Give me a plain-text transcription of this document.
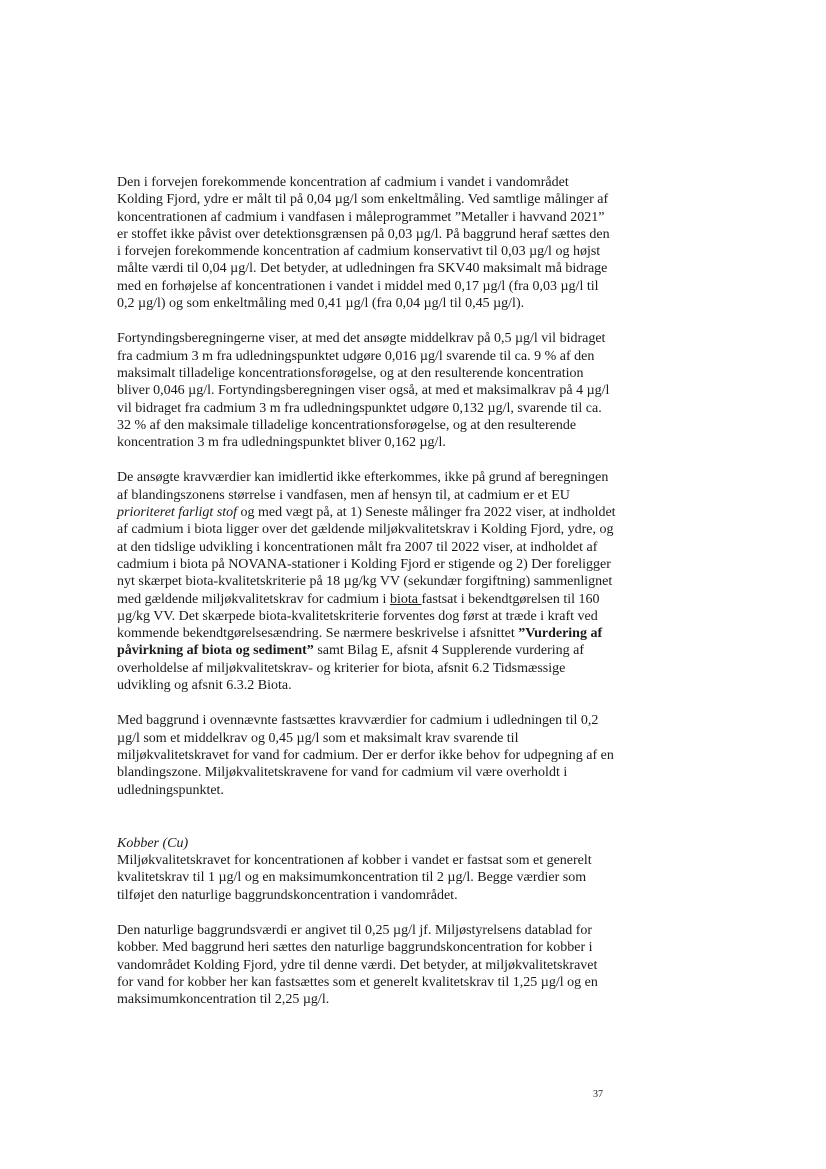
Den i forvejen forekommende koncentration af cadmium i vandet i vandområdet Kolding Fjord, ydre er målt til på 0,04 µg/l som enkeltmåling. Ved samtlige målinger af koncentrationen af cadmium i vandfasen i måleprogrammet ”Metaller i havvand 2021” er stoffet ikke påvist over detektionsgrænsen på 0,03 µg/l. På baggrund heraf sættes den i forvejen forekommende koncentration af cadmium konservativt til 0,03 µg/l og højst målte værdi til 0,04 µg/l. Det betyder, at udledningen fra SKV40 maksimalt må bidrage med en forhøjelse af koncentrationen i vandet i middel med 0,17 µg/l (fra 0,03 µg/l til 0,2 µg/l) og som enkeltmåling med 0,41 µg/l (fra 0,04 µg/l til 0,45 µg/l).

Fortyndingsberegningerne viser, at med det ansøgte middelkrav på 0,5 µg/l vil bidraget fra cadmium 3 m fra udledningspunktet udgøre 0,016 µg/l svarende til ca. 9 % af den maksimalt tilladelige koncentrationsforøgelse, og at den resulterende koncentration bliver 0,046 µg/l. Fortyndingsberegningen viser også, at med et maksimalkrav på 4 µg/l vil bidraget fra cadmium 3 m fra udledningspunktet udgøre 0,132 µg/l, svarende til ca. 32 % af den maksimale tilladelige koncentrationsforøgelse, og at den resulterende koncentration 3 m fra udledningspunktet bliver 0,162 µg/l.

De ansøgte kravværdier kan imidlertid ikke efterkommes, ikke på grund af beregningen af blandingszonens størrelse i vandfasen, men af hensyn til, at cadmium er et EU prioriteret farligt stof og med vægt på, at 1) Seneste målinger fra 2022 viser, at indholdet af cadmium i biota ligger over det gældende miljøkvalitetskrav i Kolding Fjord, ydre, og at den tidslige udvikling i koncentrationen målt fra 2007 til 2022 viser, at indholdet af cadmium i biota på NOVANA-stationer i Kolding Fjord er stigende og 2) Der foreligger nyt skærpet biota-kvalitetskriterie på 18 µg/kg VV (sekundær forgiftning) sammenlignet med gældende miljøkvalitetskrav for cadmium i biota fastsat i bekendtgørelsen til 160 µg/kg VV. Det skærpede biota-kvalitetskriterie forventes dog først at træde i kraft ved kommende bekendtgørelsesændring. Se nærmere beskrivelse i afsnittet ”Vurdering af påvirkning af biota og sediment” samt Bilag E, afsnit 4 Supplerende vurdering af overholdelse af miljøkvalitetskrav- og kriterier for biota, afsnit 6.2 Tidsmæssige udvikling og afsnit 6.3.2 Biota.

Med baggrund i ovennævnte fastsættes kravværdier for cadmium i udledningen til 0,2 µg/l som et middelkrav og 0,45 µg/l som et maksimalt krav svarende til miljøkvalitetskravet for vand for cadmium. Der er derfor ikke behov for udpegning af en blandingszone. Miljøkvalitetskravene for vand for cadmium vil være overholdt i udledningspunktet.

Kobber (Cu)

Miljøkvalitetskravet for koncentrationen af kobber i vandet er fastsat som et generelt kvalitetskrav til 1 µg/l og en maksimumkoncentration til 2 µg/l. Begge værdier som tilføjet den naturlige baggrundskoncentration i vandområdet.

Den naturlige baggrundsværdi er angivet til 0,25 µg/l jf. Miljøstyrelsens datablad for kobber. Med baggrund heri sættes den naturlige baggrundskoncentration for kobber i vandområdet Kolding Fjord, ydre til denne værdi. Det betyder, at miljøkvalitetskravet for vand for kobber her kan fastsættes som et generelt kvalitetskrav til 1,25 µg/l og en maksimumkoncentration til 2,25 µg/l.

37
